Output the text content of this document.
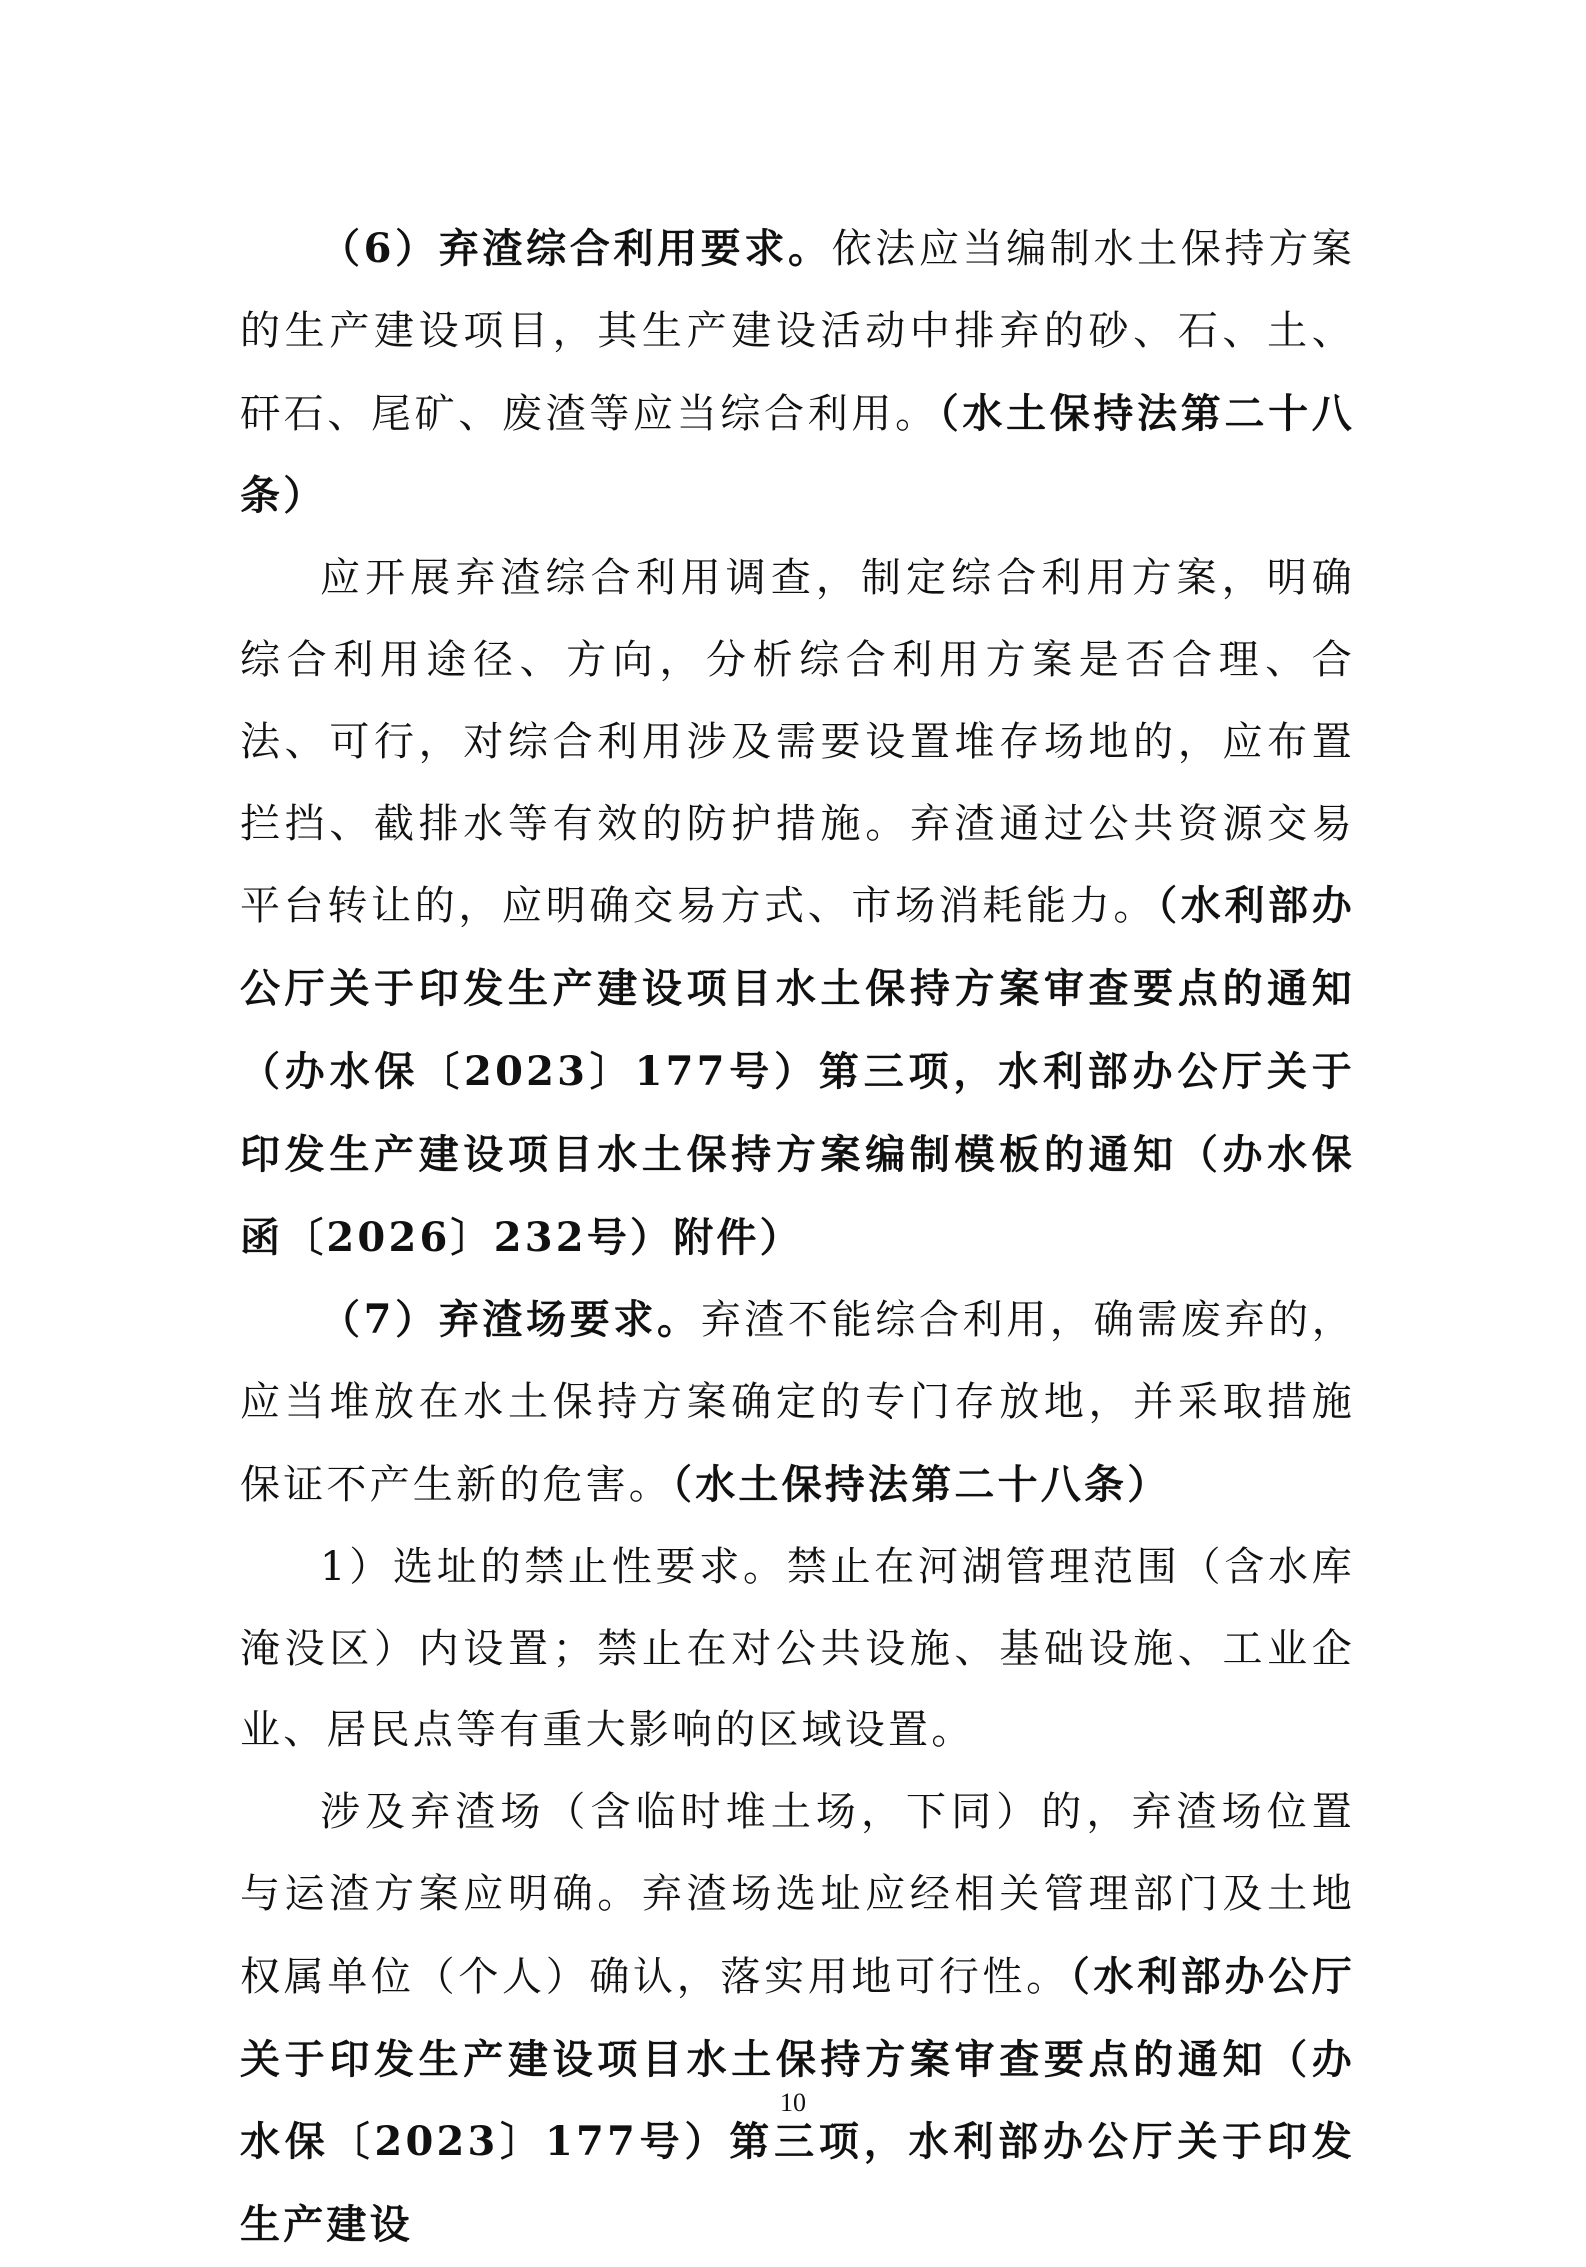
（6）弃渣综合利用要求。依法应当编制水土保持方案的生产建设项目，其生产建设活动中排弃的砂、石、土、矸石、尾矿、废渣等应当综合利用。（水土保持法第二十八条）

应开展弃渣综合利用调查，制定综合利用方案，明确综合利用途径、方向，分析综合利用方案是否合理、合法、可行，对综合利用涉及需要设置堆存场地的，应布置拦挡、截排水等有效的防护措施。弃渣通过公共资源交易平台转让的，应明确交易方式、市场消耗能力。（水利部办公厅关于印发生产建设项目水土保持方案审查要点的通知（办水保〔2023〕177号）第三项，水利部办公厅关于印发生产建设项目水土保持方案编制模板的通知（办水保函〔2026〕232号）附件）

（7）弃渣场要求。弃渣不能综合利用，确需废弃的，应当堆放在水土保持方案确定的专门存放地，并采取措施保证不产生新的危害。（水土保持法第二十八条）

1）选址的禁止性要求。禁止在河湖管理范围（含水库淹没区）内设置；禁止在对公共设施、基础设施、工业企业、居民点等有重大影响的区域设置。

涉及弃渣场（含临时堆土场，下同）的，弃渣场位置与运渣方案应明确。弃渣场选址应经相关管理部门及土地权属单位（个人）确认，落实用地可行性。（水利部办公厅关于印发生产建设项目水土保持方案审查要点的通知（办水保〔2023〕177号）第三项，水利部办公厅关于印发生产建设

10
